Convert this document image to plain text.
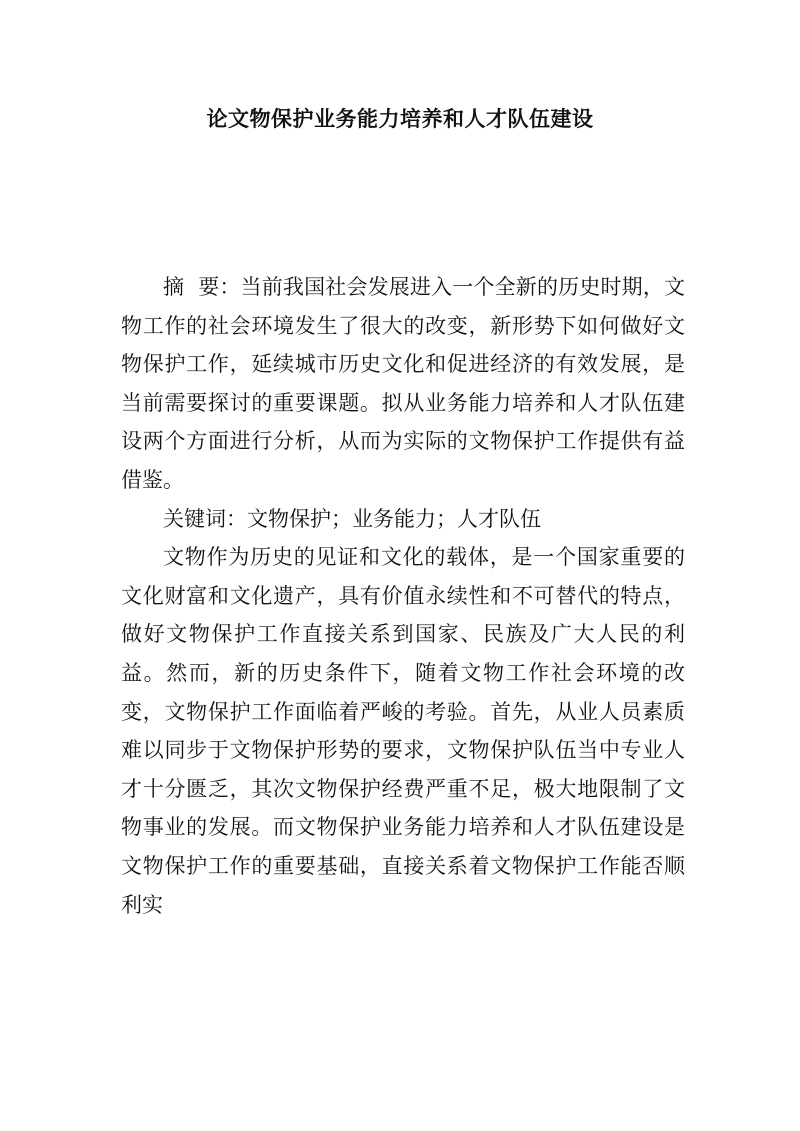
论文物保护业务能力培养和人才队伍建设

摘要：当前我国社会发展进入一个全新的历史时期，文物工作的社会环境发生了很大的改变，新形势下如何做好文物保护工作，延续城市历史文化和促进经济的有效发展，是当前需要探讨的重要课题。拟从业务能力培养和人才队伍建设两个方面进行分析，从而为实际的文物保护工作提供有益借鉴。

关键词：文物保护；业务能力；人才队伍

文物作为历史的见证和文化的载体，是一个国家重要的文化财富和文化遗产，具有价值永续性和不可替代的特点，做好文物保护工作直接关系到国家、民族及广大人民的利益。然而，新的历史条件下，随着文物工作社会环境的改变，文物保护工作面临着严峻的考验。首先，从业人员素质难以同步于文物保护形势的要求，文物保护队伍当中专业人才十分匮乏，其次文物保护经费严重不足，极大地限制了文物事业的发展。而文物保护业务能力培养和人才队伍建设是文物保护工作的重要基础，直接关系着文物保护工作能否顺利实
